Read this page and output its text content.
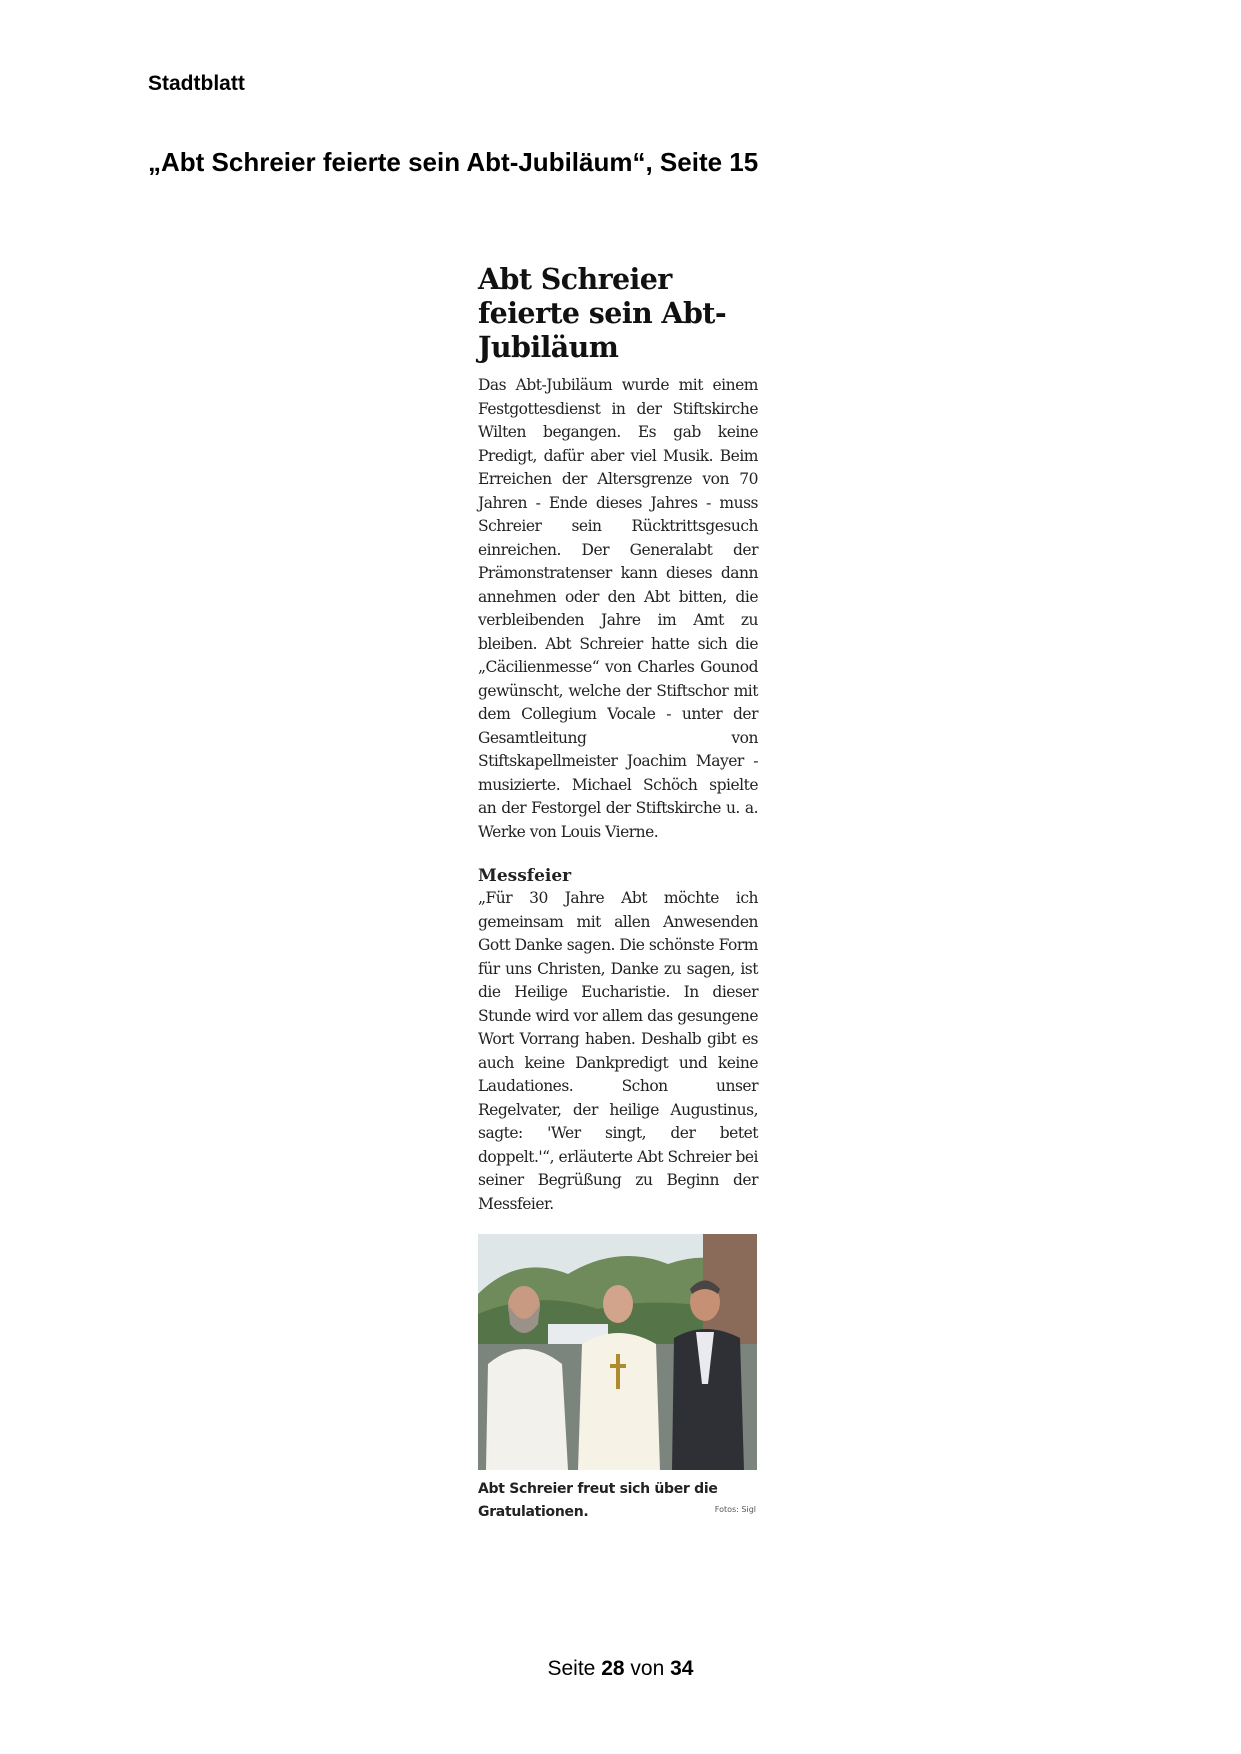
Stadtblatt
„Abt Schreier feierte sein Abt-Jubiläum“, Seite 15
Abt Schreier feierte sein Abt-Jubiläum

Das Abt-Jubiläum wurde mit einem Festgottesdienst in der Stiftskirche Wilten begangen. Es gab keine Predigt, dafür aber viel Musik. Beim Erreichen der Altersgrenze von 70 Jahren - Ende dieses Jahres - muss Schreier sein Rücktrittsgesuch einreichen. Der Generalabt der Prämonstratenser kann dieses dann annehmen oder den Abt bitten, die verbleibenden Jahre im Amt zu bleiben. Abt Schreier hatte sich die „Cäcilienmesse“ von Charles Gounod gewünscht, welche der Stiftschor mit dem Collegium Vocale - unter der Gesamtleitung von Stiftskapellmeister Joachim Mayer - musizierte. Michael Schöch spielte an der Festorgel der Stiftskirche u. a. Werke von Louis Vierne.

Messfeier

„Für 30 Jahre Abt möchte ich gemeinsam mit allen Anwesenden Gott Danke sagen. Die schönste Form für uns Christen, Danke zu sagen, ist die Heilige Eucharistie. In dieser Stunde wird vor allem das gesungene Wort Vorrang haben. Deshalb gibt es auch keine Dankpredigt und keine Laudationes. Schon unser Regelvater, der heilige Augustinus, sagte: 'Wer singt, der betet doppelt.'“, erläuterte Abt Schreier bei seiner Begrüßung zu Beginn der Messfeier.

Abt Schreier freut sich über die Gratulationen.	Fotos: Sigl
Seite 28 von 34
